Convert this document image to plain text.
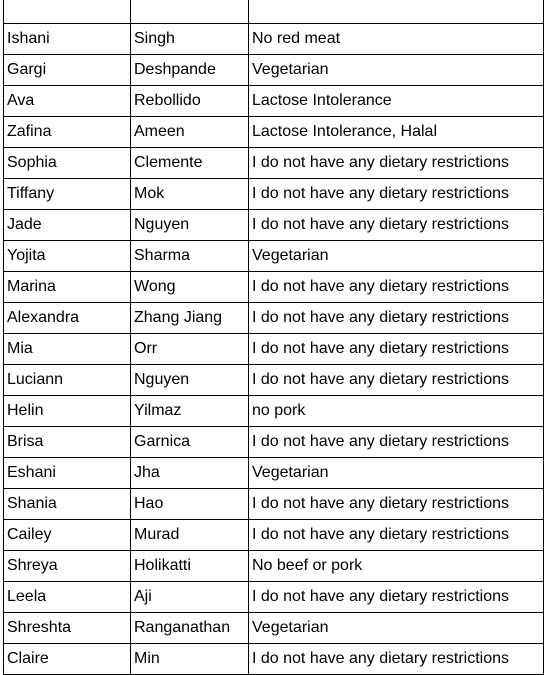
Ishani	Singh	No red meat
Gargi	Deshpande	Vegetarian
Ava	Rebollido	Lactose Intolerance
Zafina	Ameen	Lactose Intolerance, Halal
Sophia	Clemente	I do not have any dietary restrictions
Tiffany	Mok	I do not have any dietary restrictions
Jade	Nguyen	I do not have any dietary restrictions
Yojita	Sharma	Vegetarian
Marina	Wong	I do not have any dietary restrictions
Alexandra	Zhang Jiang	I do not have any dietary restrictions
Mia	Orr	I do not have any dietary restrictions
Luciann	Nguyen	I do not have any dietary restrictions
Helin	Yilmaz	no pork
Brisa	Garnica	I do not have any dietary restrictions
Eshani	Jha	Vegetarian
Shania	Hao	I do not have any dietary restrictions
Cailey	Murad	I do not have any dietary restrictions
Shreya	Holikatti	No beef or pork
Leela	Aji	I do not have any dietary restrictions
Shreshta	Ranganathan	Vegetarian
Claire	Min	I do not have any dietary restrictions
